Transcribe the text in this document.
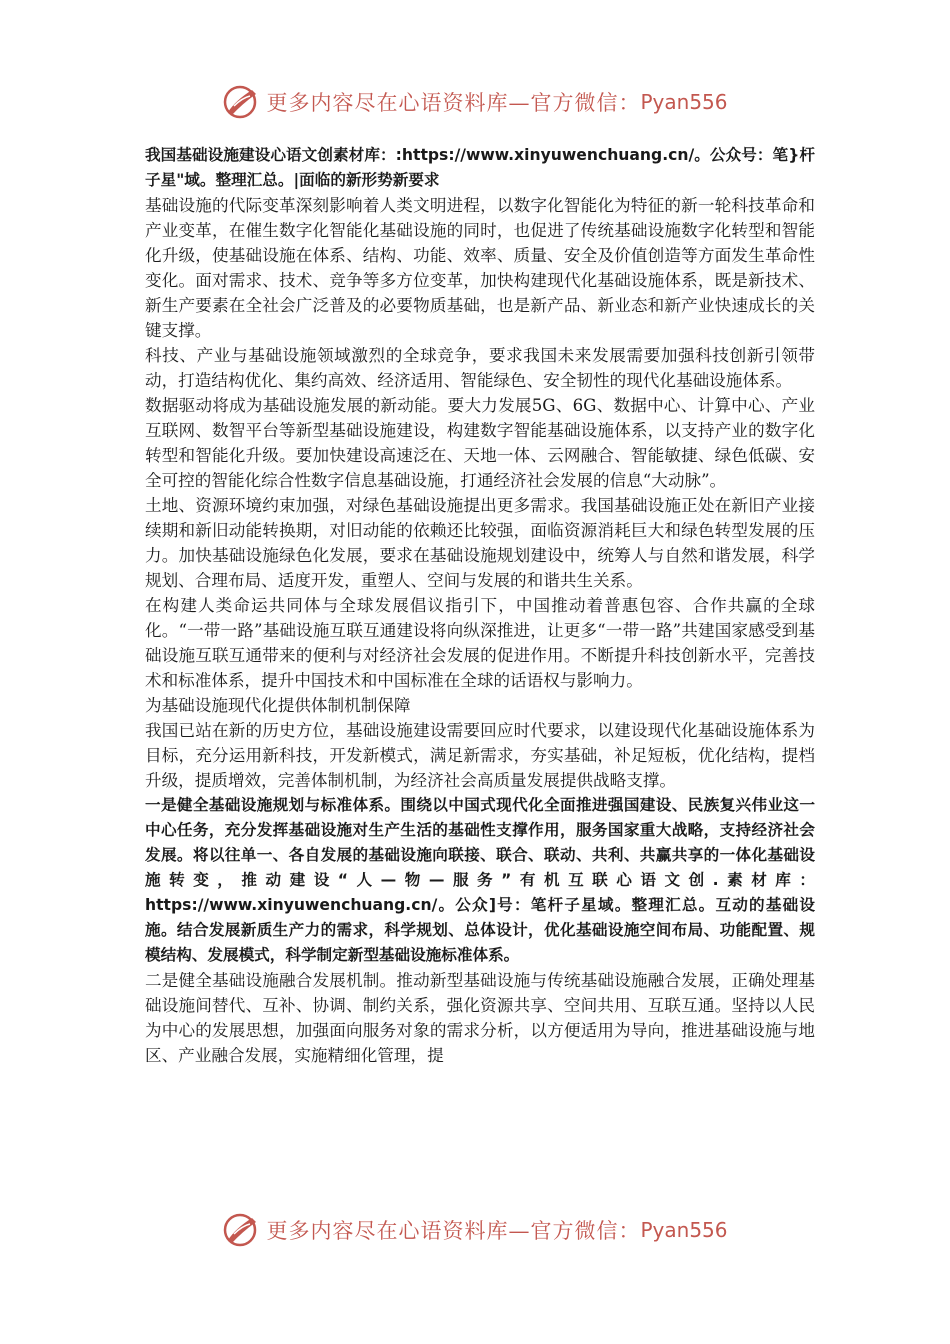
更多内容尽在心语资料库—官方微信： Pyan556

我国基础设施建设心语文创素材库：:https://www.xinyuwenchuang.cn/。公众号：笔}杆子星"域。整理汇总。|面临的新形势新要求

基础设施的代际变革深刻影响着人类文明进程，以数字化智能化为特征的新一轮科技革命和产业变革，在催生数字化智能化基础设施的同时，也促进了传统基础设施数字化转型和智能化升级，使基础设施在体系、结构、功能、效率、质量、安全及价值创造等方面发生革命性变化。面对需求、技术、竞争等多方位变革，加快构建现代化基础设施体系，既是新技术、新生产要素在全社会广泛普及的必要物质基础，也是新产品、新业态和新产业快速成长的关键支撑。

科技、产业与基础设施领域激烈的全球竞争，要求我国未来发展需要加强科技创新引领带动，打造结构优化、集约高效、经济适用、智能绿色、安全韧性的现代化基础设施体系。

数据驱动将成为基础设施发展的新动能。要大力发展5G、6G、数据中心、计算中心、产业互联网、数智平台等新型基础设施建设，构建数字智能基础设施体系，以支持产业的数字化转型和智能化升级。要加快建设高速泛在、天地一体、云网融合、智能敏捷、绿色低碳、安全可控的智能化综合性数字信息基础设施，打通经济社会发展的信息“大动脉”。

土地、资源环境约束加强，对绿色基础设施提出更多需求。我国基础设施正处在新旧产业接续期和新旧动能转换期，对旧动能的依赖还比较强，面临资源消耗巨大和绿色转型发展的压力。加快基础设施绿色化发展，要求在基础设施规划建设中，统筹人与自然和谐发展，科学规划、合理布局、适度开发，重塑人、空间与发展的和谐共生关系。

在构建人类命运共同体与全球发展倡议指引下，中国推动着普惠包容、合作共赢的全球化。“一带一路”基础设施互联互通建设将向纵深推进，让更多“一带一路”共建国家感受到基础设施互联互通带来的便利与对经济社会发展的促进作用。不断提升科技创新水平，完善技术和标准体系，提升中国技术和中国标准在全球的话语权与影响力。

为基础设施现代化提供体制机制保障

我国已站在新的历史方位，基础设施建设需要回应时代要求，以建设现代化基础设施体系为目标，充分运用新科技，开发新模式，满足新需求，夯实基础，补足短板，优化结构，提档升级，提质增效，完善体制机制，为经济社会高质量发展提供战略支撑。

一是健全基础设施规划与标准体系。围绕以中国式现代化全面推进强国建设、民族复兴伟业这一中心任务，充分发挥基础设施对生产生活的基础性支撑作用，服务国家重大战略，支持经济社会发展。将以往单一、各自发展的基础设施向联接、联合、联动、共利、共赢共享的一体化基础设施转变，推动建设“人—物—服务”有机互联心语文创.素材库：https://www.xinyuwenchuang.cn/。公众]号：笔杆子星域。整理汇总。互动的基础设施。结合发展新质生产力的需求，科学规划、总体设计，优化基础设施空间布局、功能配置、规模结构、发展模式，科学制定新型基础设施标准体系。

二是健全基础设施融合发展机制。推动新型基础设施与传统基础设施融合发展，正确处理基础设施间替代、互补、协调、制约关系，强化资源共享、空间共用、互联互通。坚持以人民为中心的发展思想，加强面向服务对象的需求分析，以方便适用为导向，推进基础设施与地区、产业融合发展，实施精细化管理，提

更多内容尽在心语资料库—官方微信： Pyan556
